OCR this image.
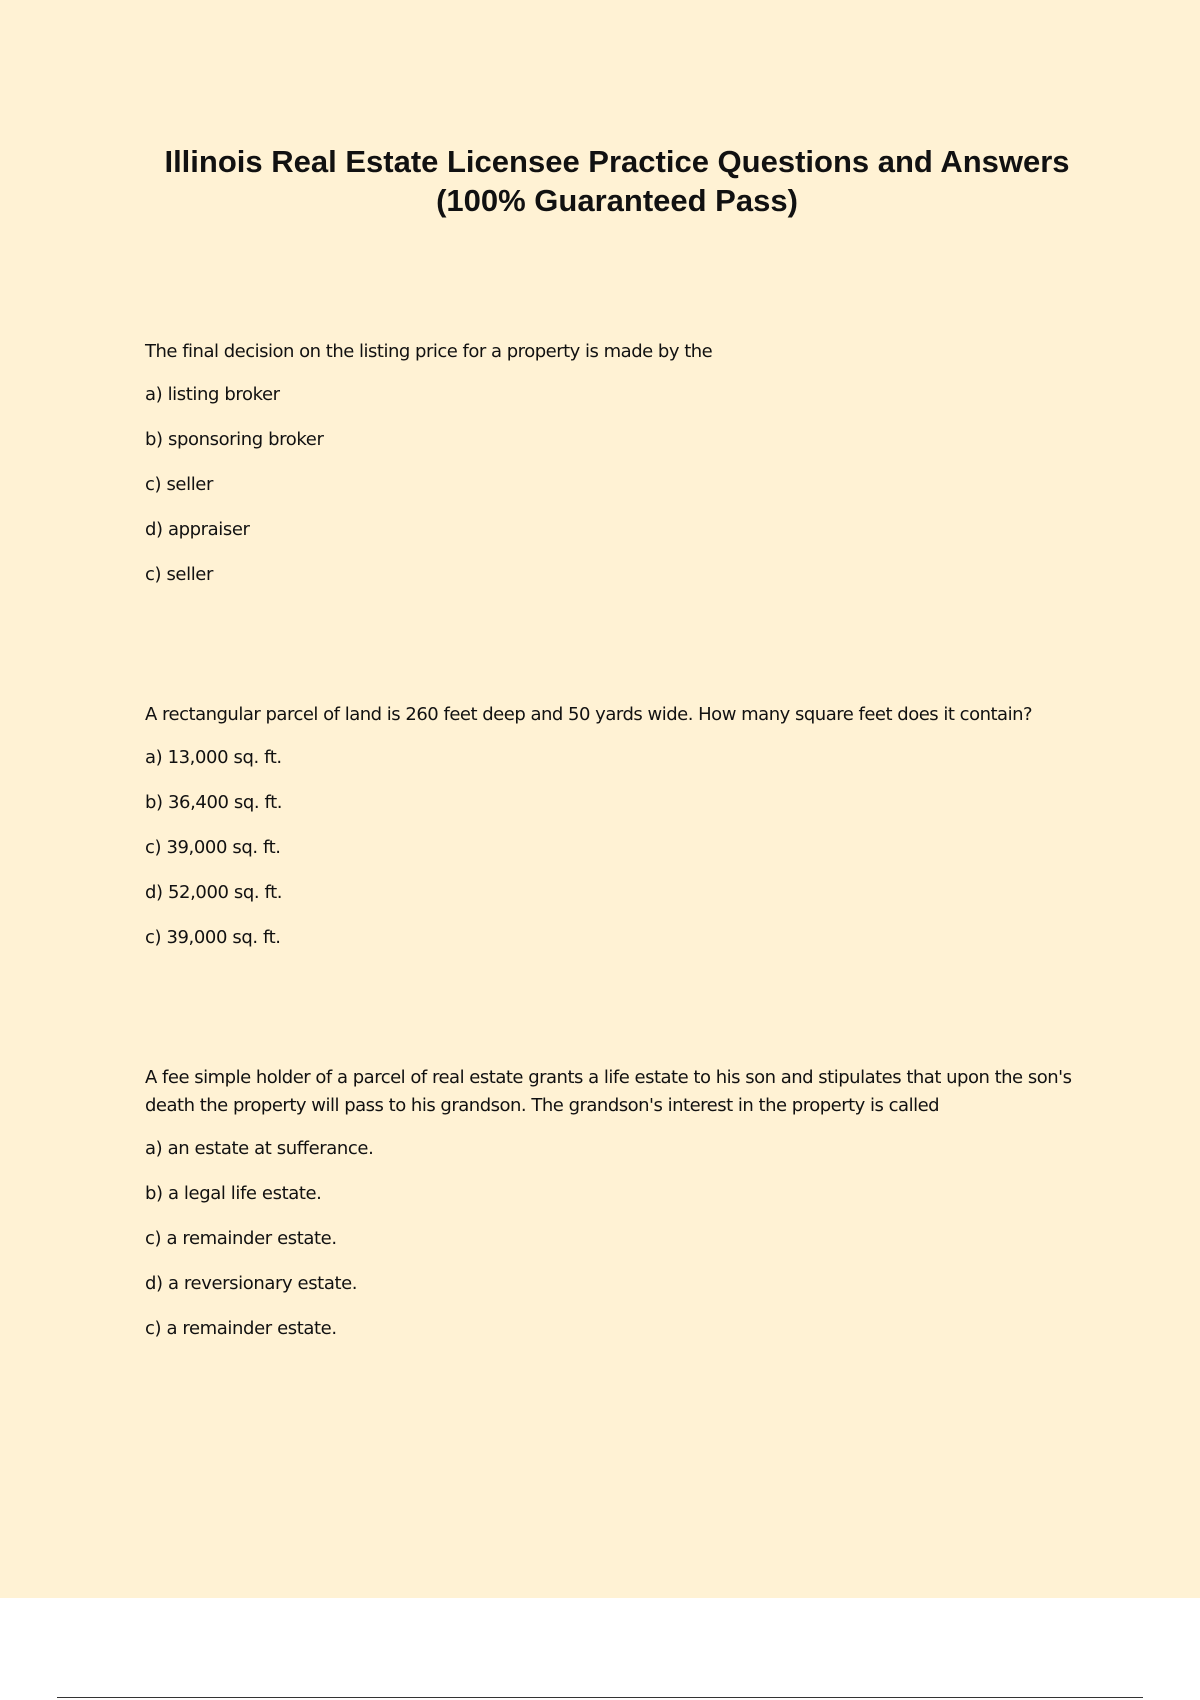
Illinois Real Estate Licensee Practice Questions and Answers
(100% Guaranteed Pass)

The final decision on the listing price for a property is made by the

a) listing broker

b) sponsoring broker

c) seller

d) appraiser

c) seller

A rectangular parcel of land is 260 feet deep and 50 yards wide. How many square feet does it contain?

a) 13,000 sq. ft.

b) 36,400 sq. ft.

c) 39,000 sq. ft.

d) 52,000 sq. ft.

c) 39,000 sq. ft.

A fee simple holder of a parcel of real estate grants a life estate to his son and stipulates that upon the son's death the property will pass to his grandson. The grandson's interest in the property is called

a) an estate at sufferance.

b) a legal life estate.

c) a remainder estate.

d) a reversionary estate.

c) a remainder estate.
